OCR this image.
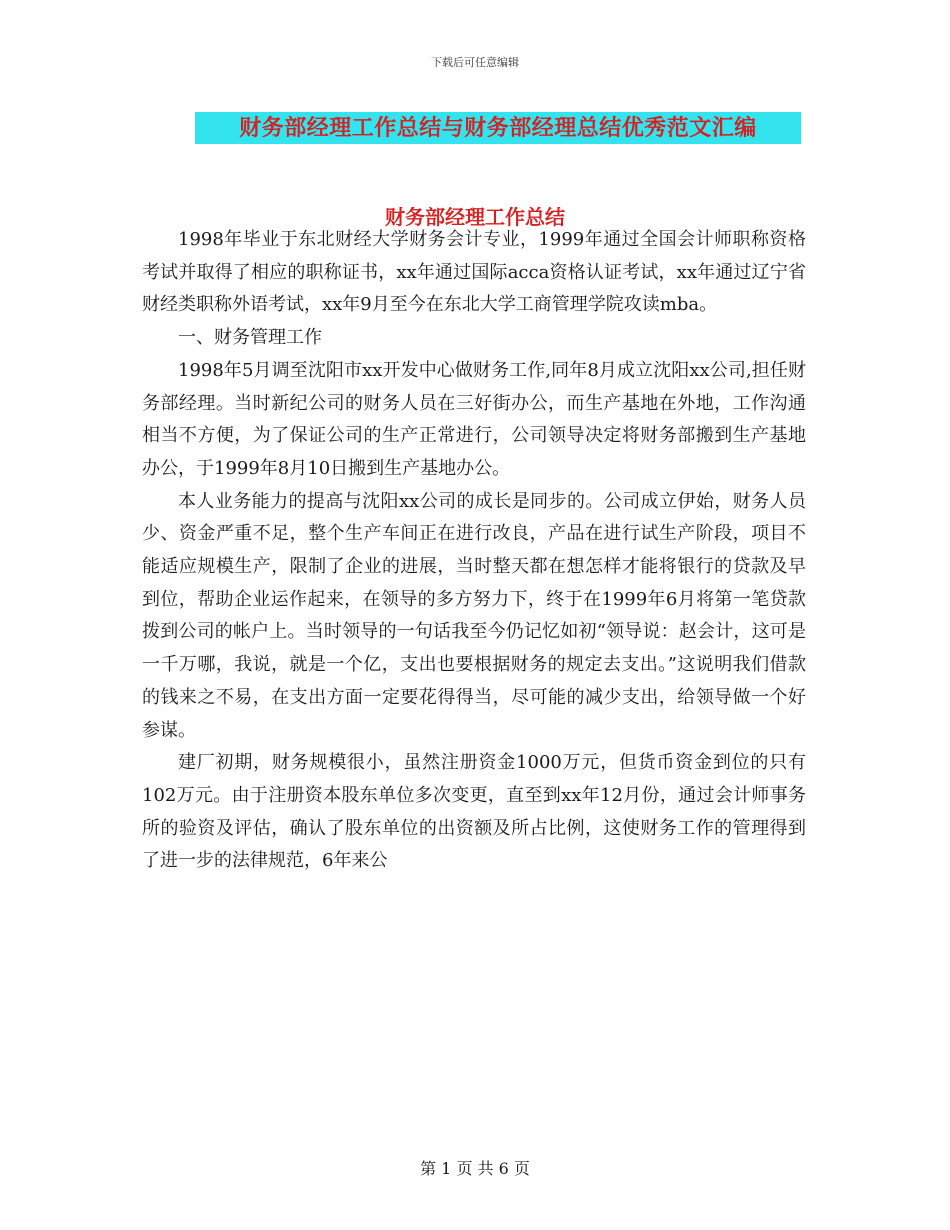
下载后可任意编辑
财务部经理工作总结与财务部经理总结优秀范文汇编
财务部经理工作总结

1998年毕业于东北财经大学财务会计专业，1999年通过全国会计师职称资格考试并取得了相应的职称证书，xx年通过国际acca资格认证考试，xx年通过辽宁省财经类职称外语考试，xx年9月至今在东北大学工商管理学院攻读mba。

一、财务管理工作

1998年5月调至沈阳市xx开发中心做财务工作,同年8月成立沈阳xx公司,担任财务部经理。当时新纪公司的财务人员在三好街办公，而生产基地在外地，工作沟通相当不方便，为了保证公司的生产正常进行，公司领导决定将财务部搬到生产基地办公，于1999年8月10日搬到生产基地办公。

本人业务能力的提高与沈阳xx公司的成长是同步的。公司成立伊始，财务人员少、资金严重不足，整个生产车间正在进行改良，产品在进行试生产阶段，项目不能适应规模生产，限制了企业的进展，当时整天都在想怎样才能将银行的贷款及早到位，帮助企业运作起来，在领导的多方努力下，终于在1999年6月将第一笔贷款拨到公司的帐户上。当时领导的一句话我至今仍记忆如初“领导说：赵会计，这可是一千万哪，我说，就是一个亿，支出也要根据财务的规定去支出。”这说明我们借款的钱来之不易，在支出方面一定要花得得当，尽可能的减少支出，给领导做一个好参谋。

建厂初期，财务规模很小，虽然注册资金1000万元，但货币资金到位的只有102万元。由于注册资本股东单位多次变更，直至到xx年12月份，通过会计师事务所的验资及评估，确认了股东单位的出资额及所占比例，这使财务工作的管理得到了进一步的法律规范，6年来公

第 1 页 共 6 页
